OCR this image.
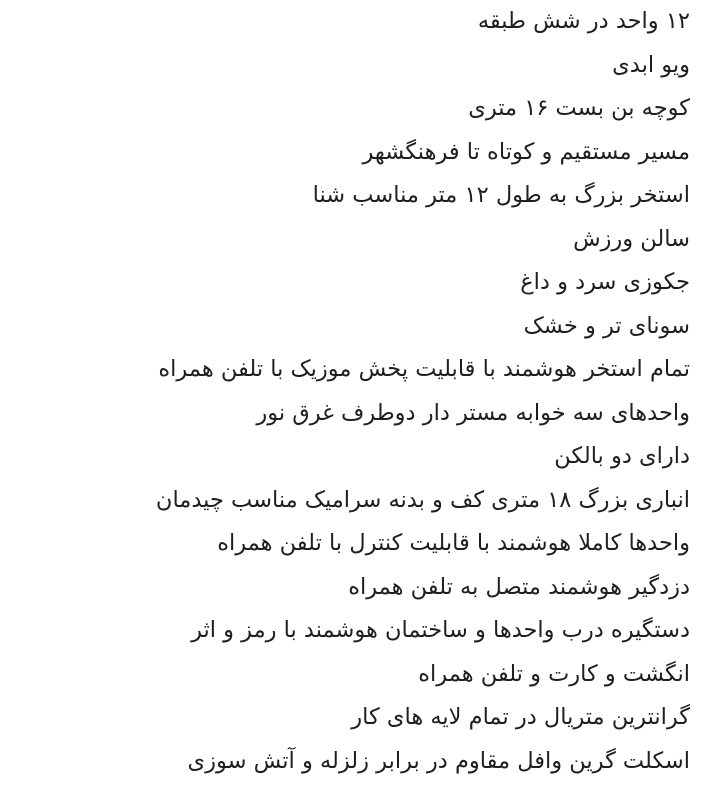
۱۲ واحد در شش طبقه
ویو ابدی
کوچه بن بست ۱۶ متری
مسیر مستقیم و کوتاه تا فرهنگشهر
استخر بزرگ به طول ۱۲ متر مناسب شنا
سالن ورزش
جکوزی سرد و داغ
سونای تر و خشک
تمام استخر هوشمند با قابلیت پخش موزیک با تلفن همراه
واحدهای سه خوابه مستر دار دوطرف غرق نور
دارای دو بالکن
انباری بزرگ ۱۸ متری کف و بدنه سرامیک مناسب چیدمان
واحدها کاملا هوشمند با قابلیت کنترل با تلفن همراه
دزدگیر هوشمند متصل به تلفن همراه
دستگیره درب واحدها و ساختمان هوشمند با رمز و اثر
انگشت و کارت و تلفن همراه
گرانترین متریال در تمام لایه های کار
اسکلت گرین وافل مقاوم در برابر زلزله و آتش سوزی
